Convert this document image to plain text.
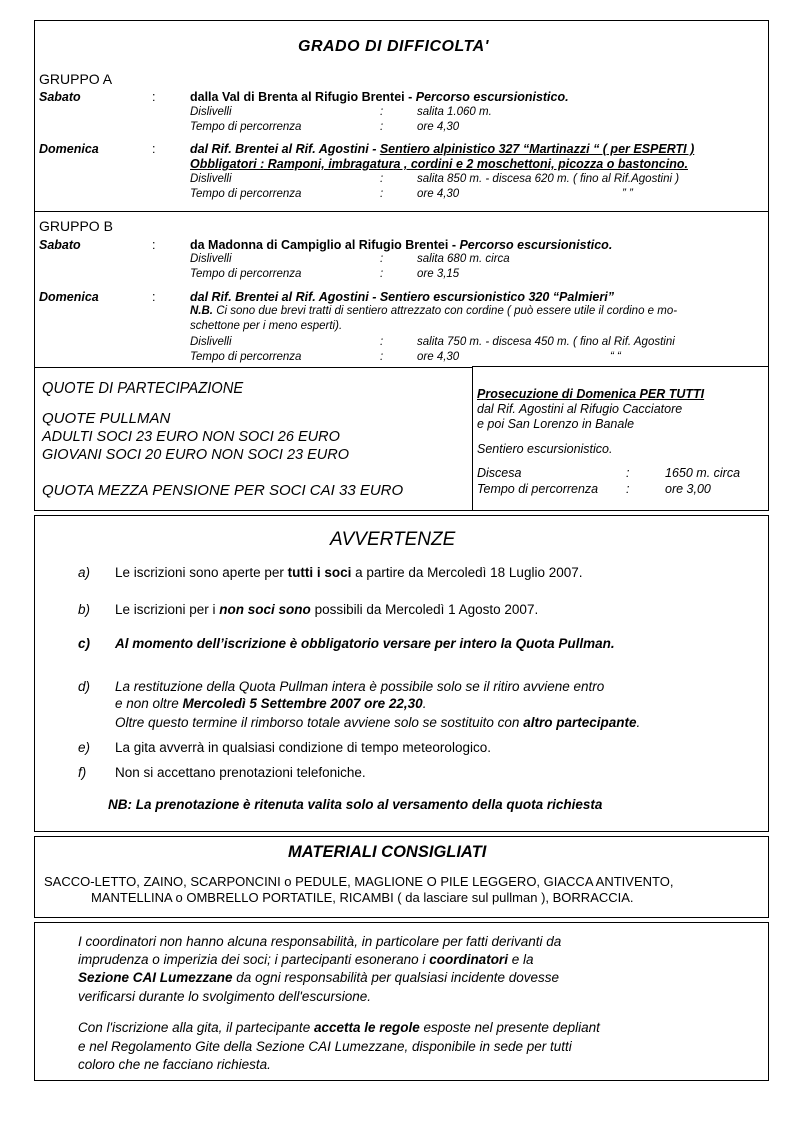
GRADO DI DIFFICOLTA'
GRUPPO A
Sabato	:	dalla Val di Brenta al Rifugio Brentei - Percorso escursionistico.
Dislivelli	:	salita 1.060 m.
Tempo di percorrenza	:	ore 4,30
Domenica	:	dal Rif. Brentei al Rif. Agostini - Sentiero alpinistico 327 “Martinazzi “ ( per ESPERTI )
Obbligatori : Ramponi, imbragatura , cordini e 2 moschettoni, picozza o bastoncino.
Dislivelli	:	salita 850 m. - discesa 620 m. ( fino al Rif.Agostini )
Tempo di percorrenza	:	ore 4,30	” ”
GRUPPO B
Sabato	:	da Madonna di Campiglio al Rifugio Brentei - Percorso escursionistico.
Dislivelli	:	salita 680 m. circa
Tempo di percorrenza	:	ore 3,15
Domenica	:	dal Rif. Brentei al Rif. Agostini - Sentiero escursionistico 320 “Palmieri”
N.B. Ci sono due brevi tratti di sentiero attrezzato con cordine ( può essere utile il cordino e mo-
schettone per i meno esperti).
Dislivelli	:	salita 750 m. - discesa 450 m. ( fino al Rif. Agostini
Tempo di percorrenza	:	ore 4,30	“ “
QUOTE DI PARTECIPAZIONE
QUOTE PULLMAN
ADULTI SOCI 23 EURO NON SOCI 26 EURO
GIOVANI SOCI 20 EURO NON SOCI 23 EURO
QUOTA MEZZA PENSIONE PER SOCI CAI 33 EURO
Prosecuzione di Domenica PER TUTTI
dal Rif. Agostini al Rifugio Cacciatore
e poi San Lorenzo in Banale
Sentiero escursionistico.
Discesa	:	1650 m. circa
Tempo di percorrenza :	ore 3,00
AVVERTENZE
a) Le iscrizioni sono aperte per tutti i soci a partire da Mercoledì 18 Luglio 2007.
b) Le iscrizioni per i non soci sono possibili da Mercoledì 1 Agosto 2007.
c) Al momento dell’iscrizione è obbligatorio versare per intero la Quota Pullman.
d) La restituzione della Quota Pullman intera è possibile solo se il ritiro avviene entro
e non oltre Mercoledì 5 Settembre 2007 ore 22,30.
Oltre questo termine il rimborso totale avviene solo se sostituito con altro partecipante.
e) La gita avverrà in qualsiasi condizione di tempo meteorologico.
f) Non si accettano prenotazioni telefoniche.
NB: La prenotazione è ritenuta valita solo al versamento della quota richiesta
MATERIALI CONSIGLIATI
SACCO-LETTO, ZAINO, SCARPONCINI o PEDULE, MAGLIONE O PILE LEGGERO, GIACCA ANTIVENTO,
MANTELLINA o OMBRELLO PORTATILE, RICAMBI ( da lasciare sul pullman ), BORRACCIA.
I coordinatori non hanno alcuna responsabilità, in particolare per fatti derivanti da
imprudenza o imperizia dei soci; i partecipanti esonerano i coordinatori e la
Sezione CAI Lumezzane da ogni responsabilità per qualsiasi incidente dovesse
verificarsi durante lo svolgimento dell'escursione.
Con l'iscrizione alla gita, il partecipante accetta le regole esposte nel presente depliant
e nel Regolamento Gite della Sezione CAI Lumezzane, disponibile in sede per tutti
coloro che ne facciano richiesta.
